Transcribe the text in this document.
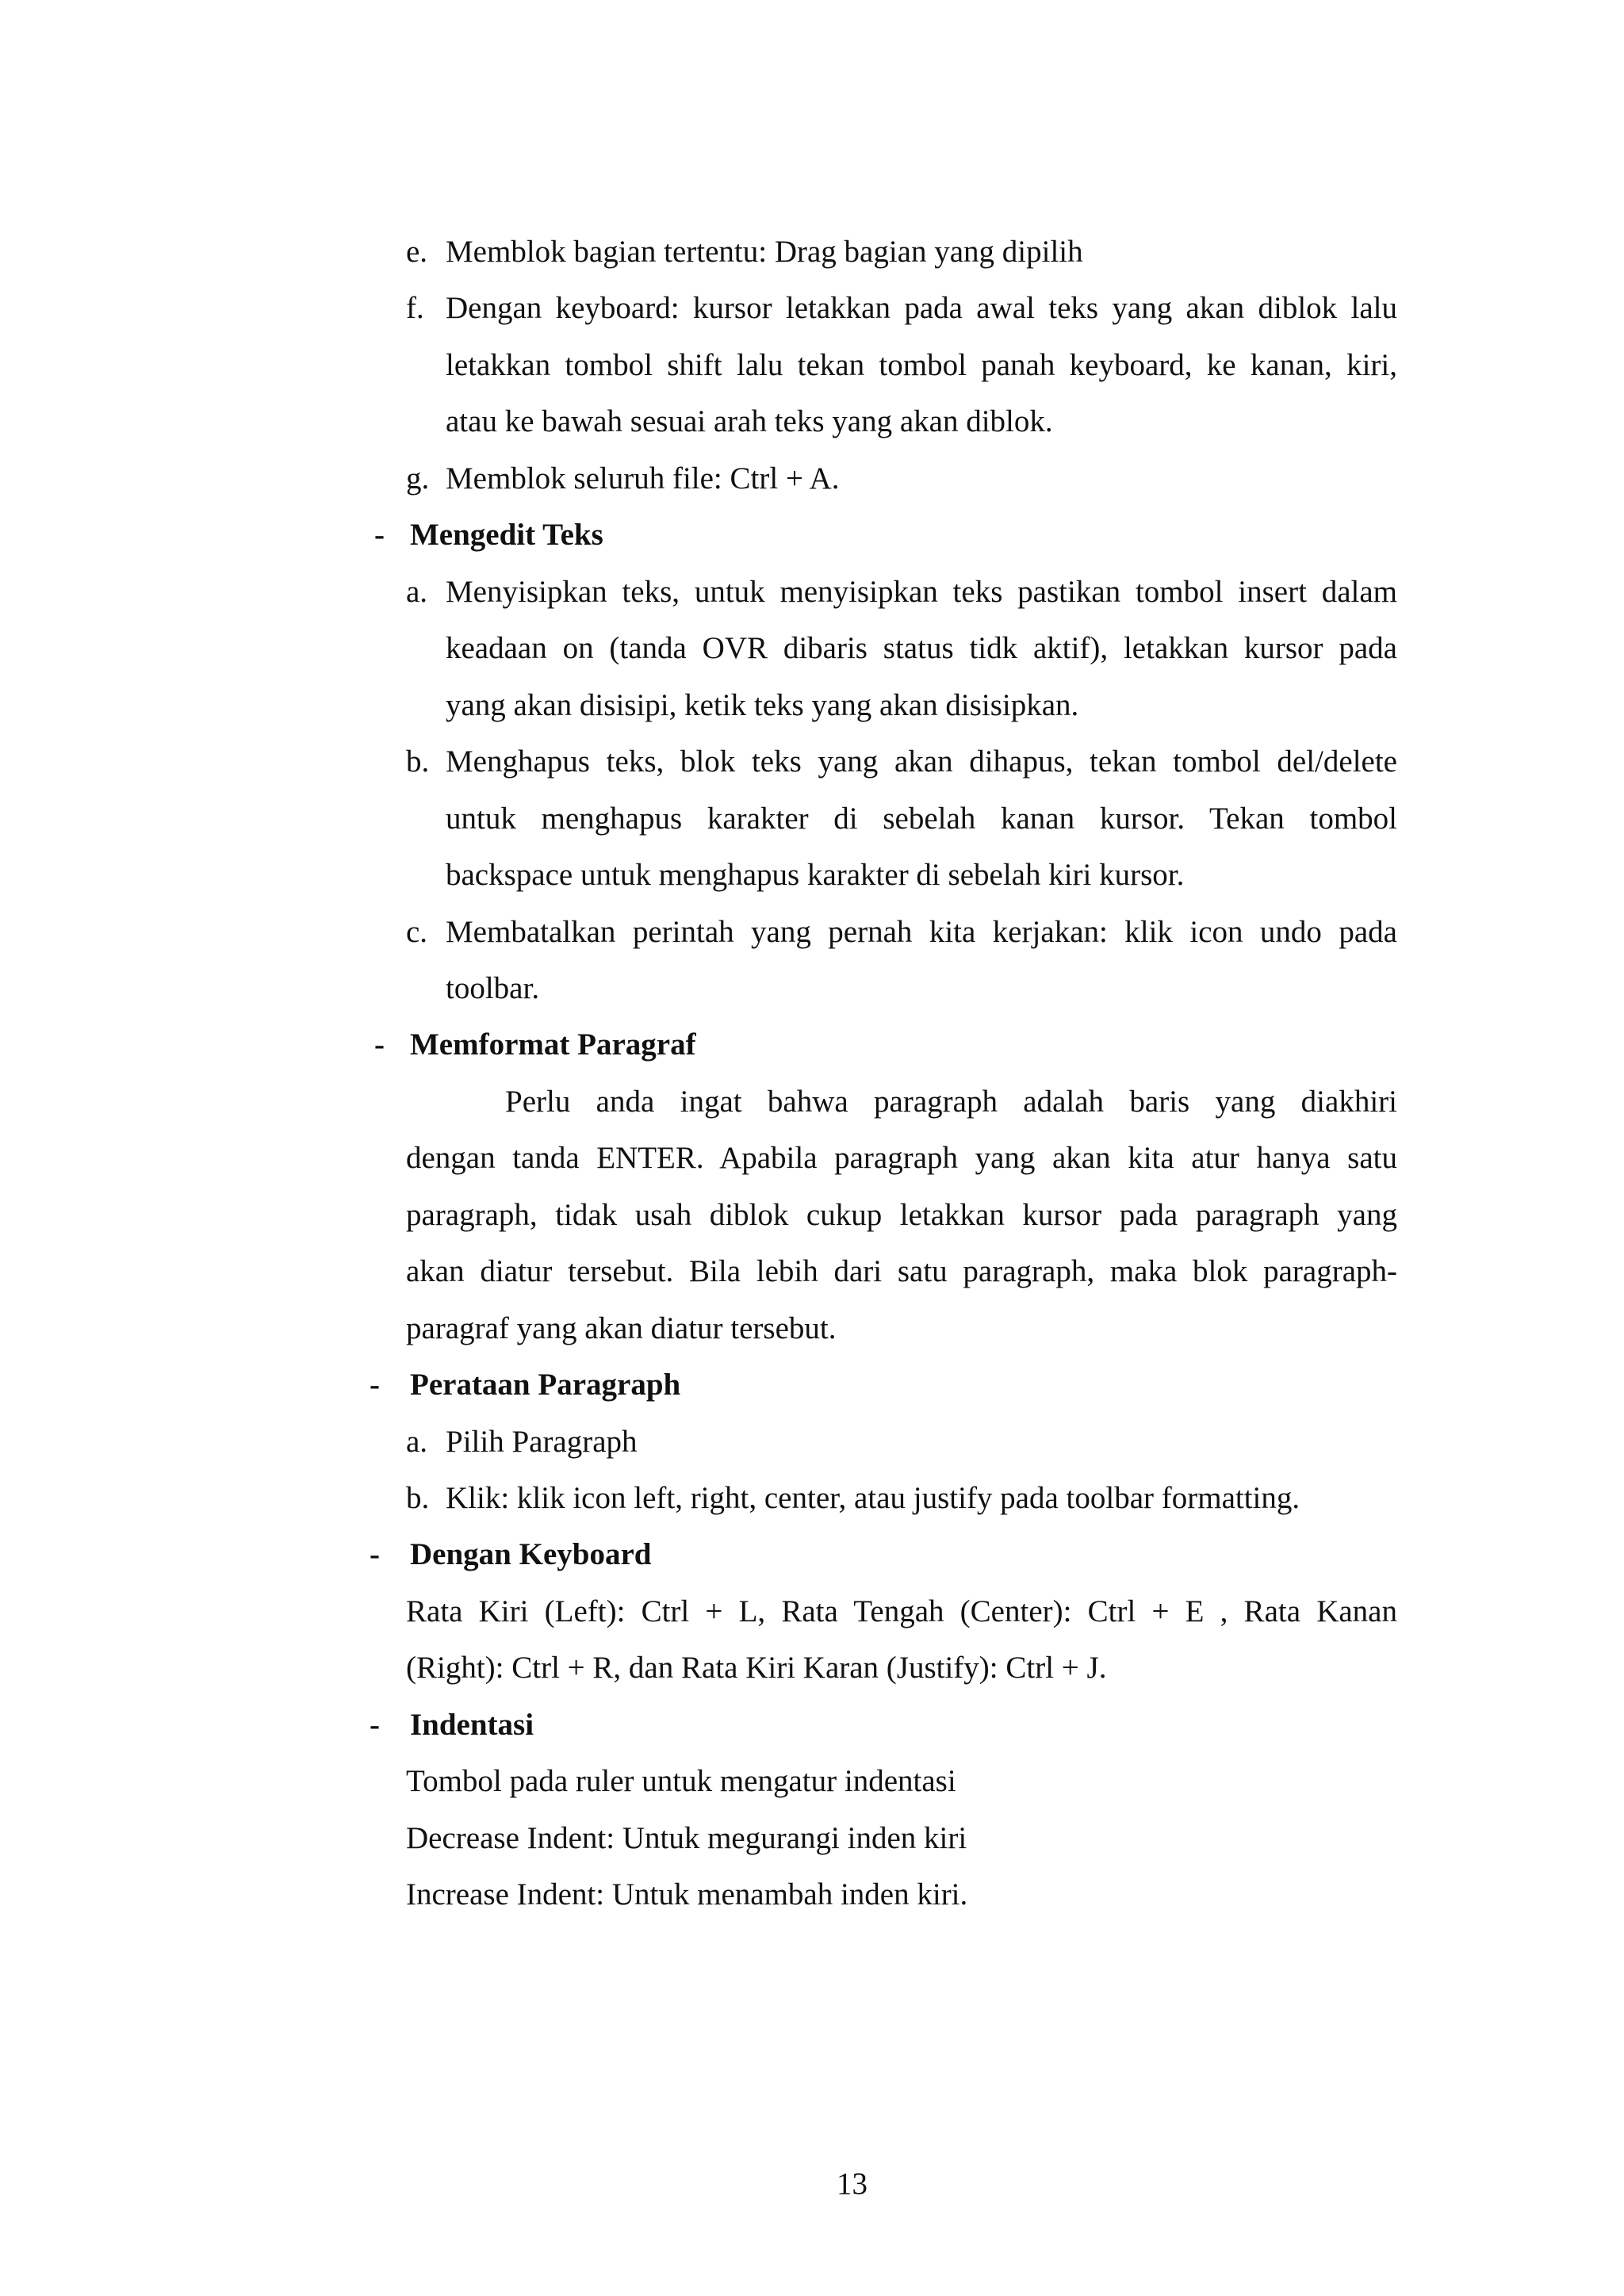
e. Memblok bagian tertentu: Drag bagian yang dipilih
f. Dengan keyboard: kursor letakkan pada awal teks yang akan diblok lalu
letakkan tombol shift lalu tekan tombol panah keyboard, ke kanan, kiri,
atau ke bawah sesuai arah teks yang akan diblok.
g. Memblok seluruh file: Ctrl + A.
- Mengedit Teks
a. Menyisipkan teks, untuk menyisipkan teks pastikan tombol insert dalam
keadaan on (tanda OVR dibaris status tidk aktif), letakkan kursor pada
yang akan disisipi, ketik teks yang akan disisipkan.
b. Menghapus teks, blok teks yang akan dihapus, tekan tombol del/delete
untuk menghapus karakter di sebelah kanan kursor. Tekan tombol
backspace untuk menghapus karakter di sebelah kiri kursor.
c. Membatalkan perintah yang pernah kita kerjakan: klik icon undo pada
toolbar.
- Memformat Paragraf
Perlu anda ingat bahwa paragraph adalah baris yang diakhiri
dengan tanda ENTER. Apabila paragraph yang akan kita atur hanya satu
paragraph, tidak usah diblok cukup letakkan kursor pada paragraph yang
akan diatur tersebut. Bila lebih dari satu paragraph, maka blok paragraph-
paragraf yang akan diatur tersebut.
- Perataan Paragraph
a. Pilih Paragraph
b. Klik: klik icon left, right, center, atau justify pada toolbar formatting.
- Dengan Keyboard
Rata Kiri (Left): Ctrl + L, Rata Tengah (Center): Ctrl + E , Rata Kanan
(Right): Ctrl + R, dan Rata Kiri Karan (Justify): Ctrl + J.
- Indentasi
Tombol pada ruler untuk mengatur indentasi
Decrease Indent: Untuk megurangi inden kiri
Increase Indent: Untuk menambah inden kiri.
13
